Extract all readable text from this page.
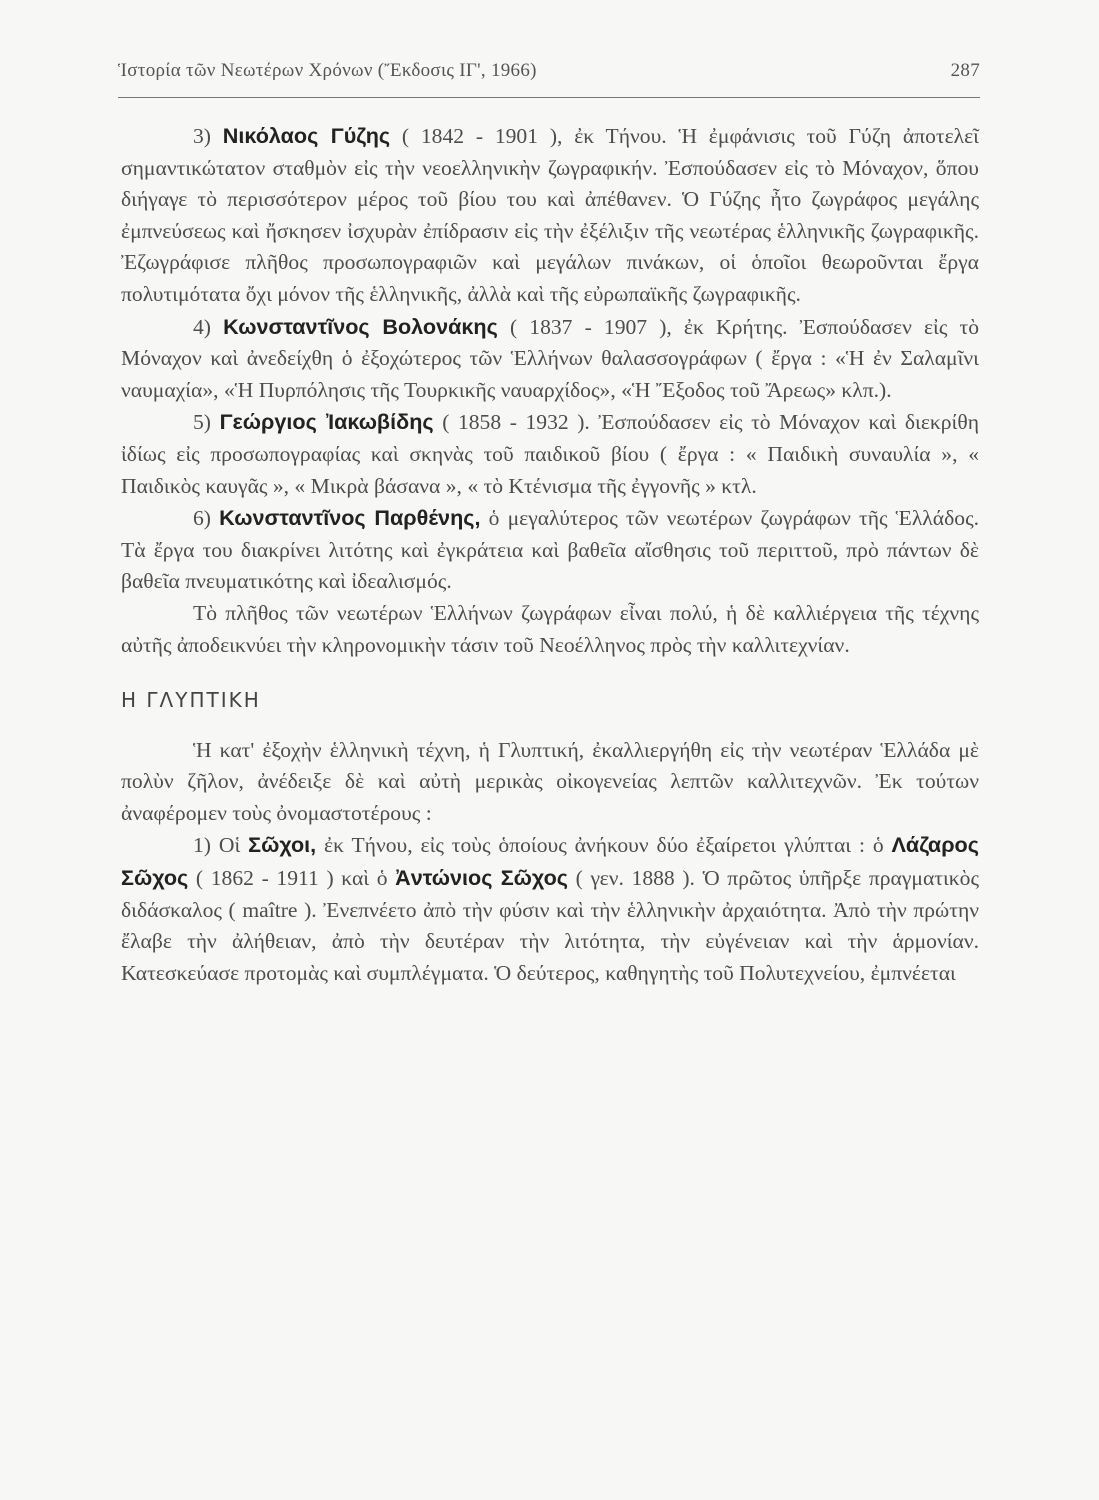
Ἱστορία τῶν Νεωτέρων Χρόνων (Ἔκδοσις ΙΓ', 1966)	287

3) Νικόλαος Γύζης ( 1842 - 1901 ), ἐκ Τήνου. Ἡ ἐμφάνισις τοῦ Γύζη ἀποτελεῖ σημαντικώτατον σταθμὸν εἰς τὴν νεοελληνικὴν ζωγραφικήν. Ἐσπούδασεν εἰς τὸ Μόναχον, ὅπου διήγαγε τὸ περισσότερον μέρος τοῦ βίου του καὶ ἀπέθανεν. Ὁ Γύζης ἦτο ζωγράφος μεγάλης ἐμπνεύσεως καὶ ἤσκησεν ἰσχυρὰν ἐπίδρασιν εἰς τὴν ἐξέλιξιν τῆς νεωτέρας ἑλληνικῆς ζωγραφικῆς. Ἐζωγράφισε πλῆθος προσωπογραφιῶν καὶ μεγάλων πινάκων, οἱ ὁποῖοι θεωροῦνται ἔργα πολυτιμότατα ὄχι μόνον τῆς ἑλληνικῆς, ἀλλὰ καὶ τῆς εὐρωπαϊκῆς ζωγραφικῆς.

4) Κωνσταντῖνος Βολονάκης ( 1837 - 1907 ), ἐκ Κρήτης. Ἐσπούδασεν εἰς τὸ Μόναχον καὶ ἀνεδείχθη ὁ ἐξοχώτερος τῶν Ἑλλήνων θαλασσογράφων ( ἔργα : «Ἡ ἐν Σαλαμῖνι ναυμαχία», «Ἡ Πυρπόλησις τῆς Τουρκικῆς ναυαρχίδος», «Ἡ Ἔξοδος τοῦ Ἄρεως» κλπ.).

5) Γεώργιος Ἰακωβίδης ( 1858 - 1932 ). Ἐσπούδασεν εἰς τὸ Μόναχον καὶ διεκρίθη ἰδίως εἰς προσωπογραφίας καὶ σκηνὰς τοῦ παιδικοῦ βίου ( ἔργα : « Παιδικὴ συναυλία », « Παιδικὸς καυγᾶς », « Μικρὰ βάσανα », « τὸ Κτένισμα τῆς ἐγγονῆς » κτλ.

6) Κωνσταντῖνος Παρθένης, ὁ μεγαλύτερος τῶν νεωτέρων ζωγράφων τῆς Ἑλλάδος. Τὰ ἔργα του διακρίνει λιτότης καὶ ἐγκράτεια καὶ βαθεῖα αἴσθησις τοῦ περιττοῦ, πρὸ πάντων δὲ βαθεῖα πνευματικότης καὶ ἰδεαλισμός.

Τὸ πλῆθος τῶν νεωτέρων Ἑλλήνων ζωγράφων εἶναι πολύ, ἡ δὲ καλλιέργεια τῆς τέχνης αὐτῆς ἀποδεικνύει τὴν κληρονομικὴν τάσιν τοῦ Νεοέλληνος πρὸς τὴν καλλιτεχνίαν.

Η ΓΛΥΠΤΙΚΗ

Ἡ κατ' ἐξοχὴν ἑλληνικὴ τέχνη, ἡ Γλυπτική, ἐκαλλιεργήθη εἰς τὴν νεωτέραν Ἑλλάδα μὲ πολὺν ζῆλον, ἀνέδειξε δὲ καὶ αὐτὴ μερικὰς οἰκογενείας λεπτῶν καλλιτεχνῶν. Ἐκ τούτων ἀναφέρομεν τοὺς ὀνομαστοτέρους :

1) Οἱ Σῶχοι, ἐκ Τήνου, εἰς τοὺς ὁποίους ἀνήκουν δύο ἐξαίρετοι γλύπται : ὁ Λάζαρος Σῶχος ( 1862 - 1911 ) καὶ ὁ Ἀντώνιος Σῶχος ( γεν. 1888 ). Ὁ πρῶτος ὑπῆρξε πραγματικὸς διδάσκαλος ( maître ). Ἐνεπνέετο ἀπὸ τὴν φύσιν καὶ τὴν ἑλληνικὴν ἀρχαιότητα. Ἀπὸ τὴν πρώτην ἔλαβε τὴν ἀλήθειαν, ἀπὸ τὴν δευτέραν τὴν λιτότητα, τὴν εὐγένειαν καὶ τὴν ἁρμονίαν. Κατεσκεύασε προτομὰς καὶ συμπλέγματα. Ὁ δεύτερος, καθηγητὴς τοῦ Πολυτεχνείου, ἐμπνέεται
